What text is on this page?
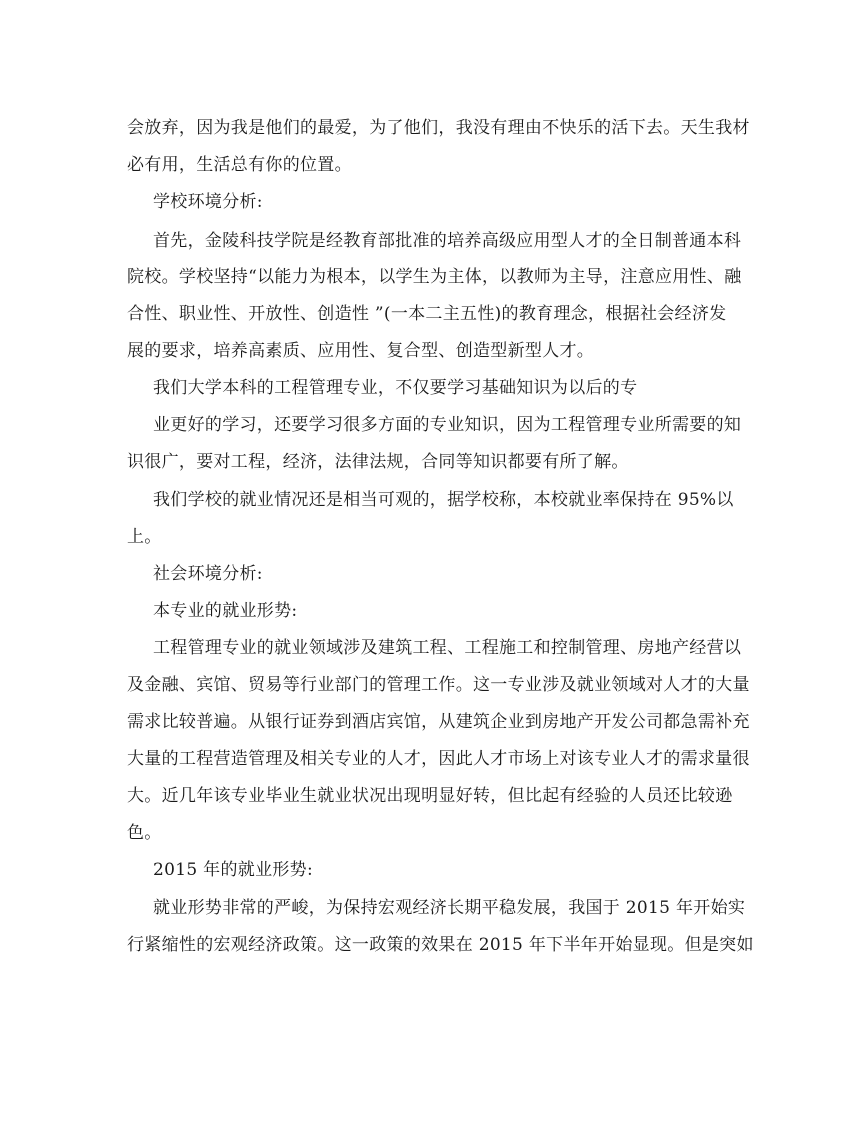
会放弃，因为我是他们的最爱，为了他们，我没有理由不快乐的活下去。天生我材
必有用，生活总有你的位置。
学校环境分析:
首先，金陵科技学院是经教育部批准的培养高级应用型人才的全日制普通本科
院校。学校坚持“以能力为根本，以学生为主体，以教师为主导，注意应用性、融
合性、职业性、开放性、创造性 ”(一本二主五性)的教育理念，根据社会经济发
展的要求，培养高素质、应用性、复合型、创造型新型人才。
我们大学本科的工程管理专业，不仅要学习基础知识为以后的专
业更好的学习，还要学习很多方面的专业知识，因为工程管理专业所需要的知
识很广，要对工程，经济，法律法规，合同等知识都要有所了解。
我们学校的就业情况还是相当可观的，据学校称，本校就业率保持在 95%以
上。
社会环境分析:
本专业的就业形势:
工程管理专业的就业领域涉及建筑工程、工程施工和控制管理、房地产经营以
及金融、宾馆、贸易等行业部门的管理工作。这一专业涉及就业领域对人才的大量
需求比较普遍。从银行证券到酒店宾馆，从建筑企业到房地产开发公司都急需补充
大量的工程营造管理及相关专业的人才，因此人才市场上对该专业人才的需求量很
大。近几年该专业毕业生就业状况出现明显好转，但比起有经验的人员还比较逊
色。
2015 年的就业形势:
就业形势非常的严峻，为保持宏观经济长期平稳发展，我国于 2015 年开始实
行紧缩性的宏观经济政策。这一政策的效果在 2015 年下半年开始显现。但是突如
